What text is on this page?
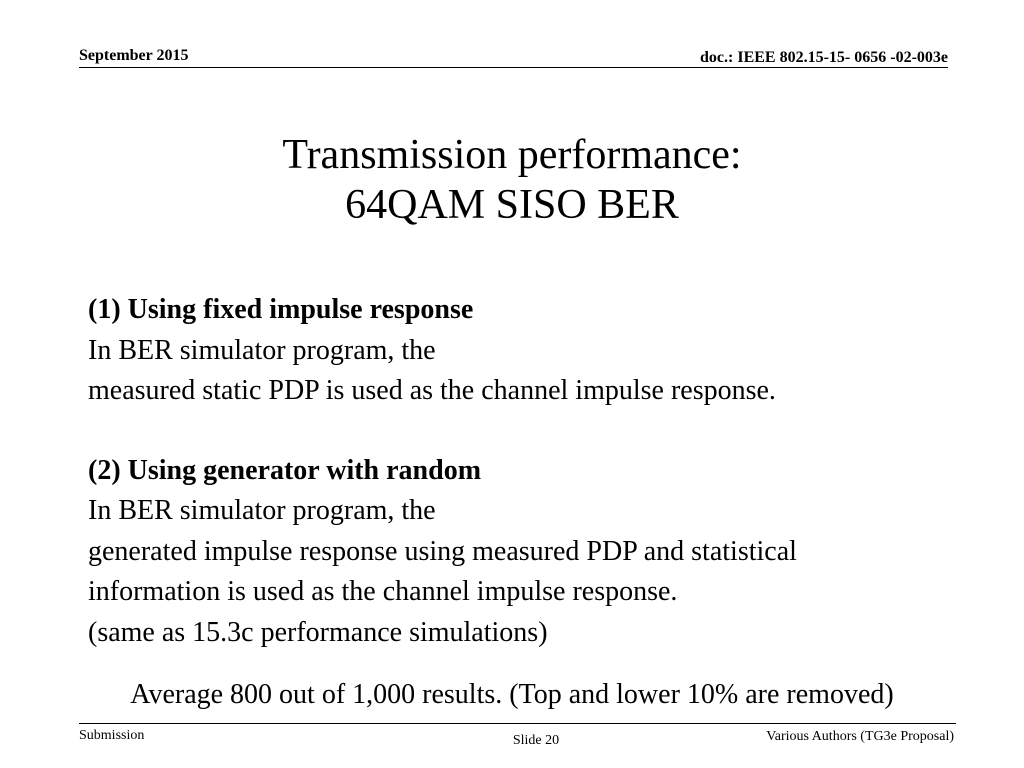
September 2015	doc.: IEEE 802.15-15- 0656 -02-003e
Transmission performance:
64QAM SISO BER
(1) Using fixed impulse response
In BER simulator program, the
measured static PDP is used as the channel impulse response.
(2) Using generator with random
In BER simulator program, the
generated impulse response using measured PDP and statistical
information is used as the channel impulse response.
(same as 15.3c performance simulations)
Average 800 out of 1,000 results. (Top and lower 10% are removed)
Submission	Slide 20	Various Authors (TG3e Proposal)
